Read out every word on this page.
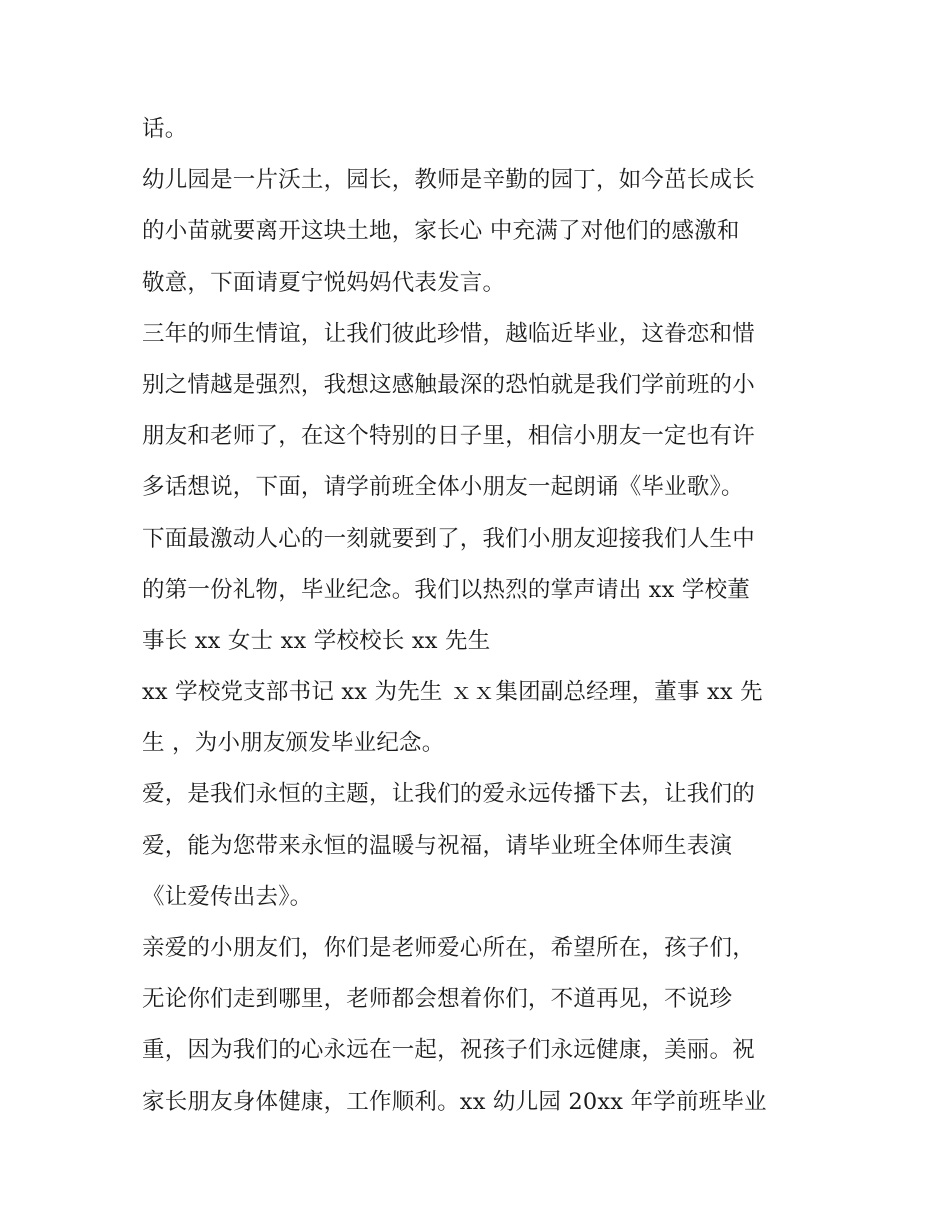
话。
幼儿园是一片沃土，园长，教师是辛勤的园丁，如今茁长成长
的小苗就要离开这块土地，家长心 中充满了对他们的感激和
敬意，下面请夏宁悦妈妈代表发言。
三年的师生情谊，让我们彼此珍惜，越临近毕业，这眷恋和惜
别之情越是强烈，我想这感触最深的恐怕就是我们学前班的小
朋友和老师了，在这个特别的日子里，相信小朋友一定也有许
多话想说，下面，请学前班全体小朋友一起朗诵《毕业歌》。
下面最激动人心的一刻就要到了，我们小朋友迎接我们人生中
的第一份礼物，毕业纪念。我们以热烈的掌声请出 xx 学校董
事长 xx 女士 xx 学校校长 xx 先生
xx 学校党支部书记 xx 为先生 ｘｘ集团副总经理，董事 xx 先
生 ，为小朋友颁发毕业纪念。
爱，是我们永恒的主题，让我们的爱永远传播下去，让我们的
爱，能为您带来永恒的温暖与祝福，请毕业班全体师生表演
《让爱传出去》。
亲爱的小朋友们，你们是老师爱心所在，希望所在，孩子们，
无论你们走到哪里，老师都会想着你们，不道再见，不说珍
重，因为我们的心永远在一起，祝孩子们永远健康，美丽。祝
家长朋友身体健康，工作顺利。xx 幼儿园 20xx 年学前班毕业
